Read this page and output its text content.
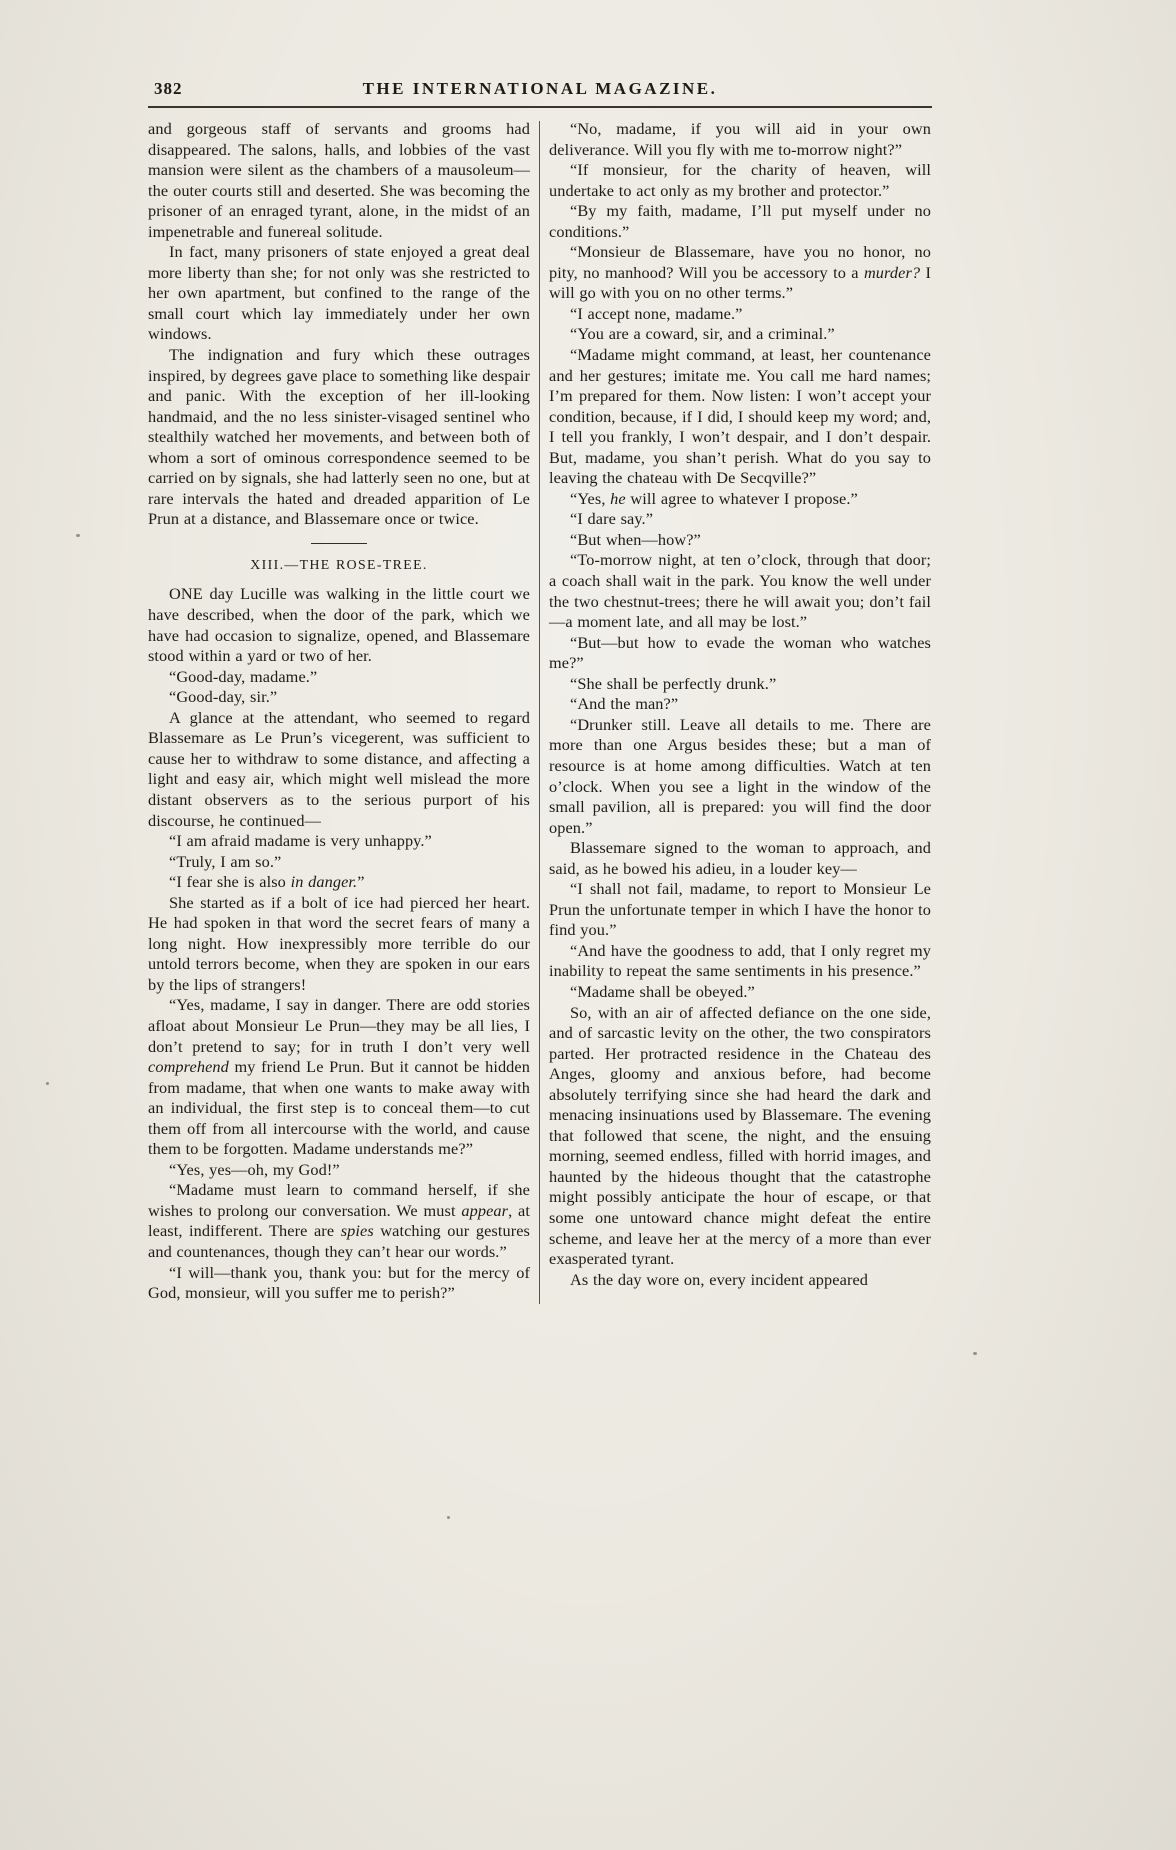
382	THE INTERNATIONAL MAGAZINE.

and gorgeous staff of servants and grooms had disappeared. The salons, halls, and lobbies of the vast mansion were silent as the chambers of a mausoleum—the outer courts still and deserted. She was becoming the prisoner of an enraged tyrant, alone, in the midst of an impenetrable and funereal solitude.

In fact, many prisoners of state enjoyed a great deal more liberty than she; for not only was she restricted to her own apartment, but confined to the range of the small court which lay immediately under her own windows.

The indignation and fury which these outrages inspired, by degrees gave place to something like despair and panic. With the exception of her ill-looking handmaid, and the no less sinister-visaged sentinel who stealthily watched her movements, and between both of whom a sort of ominous correspondence seemed to be carried on by signals, she had latterly seen no one, but at rare intervals the hated and dreaded apparition of Le Prun at a distance, and Blassemare once or twice.

XIII.—THE ROSE-TREE.

ONE day Lucille was walking in the little court we have described, when the door of the park, which we have had occasion to signalize, opened, and Blassemare stood within a yard or two of her.

“Good-day, madame.”

“Good-day, sir.”

A glance at the attendant, who seemed to regard Blassemare as Le Prun’s vicegerent, was sufficient to cause her to withdraw to some distance, and affecting a light and easy air, which might well mislead the more distant observers as to the serious purport of his discourse, he continued—

“I am afraid madame is very unhappy.”

“Truly, I am so.”

“I fear she is also in danger.”

She started as if a bolt of ice had pierced her heart. He had spoken in that word the secret fears of many a long night. How inexpressibly more terrible do our untold terrors become, when they are spoken in our ears by the lips of strangers!

“Yes, madame, I say in danger. There are odd stories afloat about Monsieur Le Prun—they may be all lies, I don’t pretend to say; for in truth I don’t very well comprehend my friend Le Prun. But it cannot be hidden from madame, that when one wants to make away with an individual, the first step is to conceal them—to cut them off from all intercourse with the world, and cause them to be forgotten. Madame understands me?”

“Yes, yes—oh, my God!”

“Madame must learn to command herself, if she wishes to prolong our conversation. We must appear, at least, indifferent. There are spies watching our gestures and countenances, though they can’t hear our words.”

“I will—thank you, thank you: but for the mercy of God, monsieur, will you suffer me to perish?”

“No, madame, if you will aid in your own deliverance. Will you fly with me to-morrow night?”

“If monsieur, for the charity of heaven, will undertake to act only as my brother and protector.”

“By my faith, madame, I’ll put myself under no conditions.”

“Monsieur de Blassemare, have you no honor, no pity, no manhood? Will you be accessory to a murder? I will go with you on no other terms.”

“I accept none, madame.”

“You are a coward, sir, and a criminal.”

“Madame might command, at least, her countenance and her gestures; imitate me. You call me hard names; I’m prepared for them. Now listen: I won’t accept your condition, because, if I did, I should keep my word; and, I tell you frankly, I won’t despair, and I don’t despair. But, madame, you shan’t perish. What do you say to leaving the chateau with De Secqville?”

“Yes, he will agree to whatever I propose.”

“I dare say.”

“But when—how?”

“To-morrow night, at ten o’clock, through that door; a coach shall wait in the park. You know the well under the two chestnut-trees; there he will await you; don’t fail—a moment late, and all may be lost.”

“But—but how to evade the woman who watches me?”

“She shall be perfectly drunk.”

“And the man?”

“Drunker still. Leave all details to me. There are more than one Argus besides these; but a man of resource is at home among difficulties. Watch at ten o’clock. When you see a light in the window of the small pavilion, all is prepared: you will find the door open.”

Blassemare signed to the woman to approach, and said, as he bowed his adieu, in a louder key—

“I shall not fail, madame, to report to Monsieur Le Prun the unfortunate temper in which I have the honor to find you.”

“And have the goodness to add, that I only regret my inability to repeat the same sentiments in his presence.”

“Madame shall be obeyed.”

So, with an air of affected defiance on the one side, and of sarcastic levity on the other, the two conspirators parted. Her protracted residence in the Chateau des Anges, gloomy and anxious before, had become absolutely terrifying since she had heard the dark and menacing insinuations used by Blassemare. The evening that followed that scene, the night, and the ensuing morning, seemed endless, filled with horrid images, and haunted by the hideous thought that the catastrophe might possibly anticipate the hour of escape, or that some one untoward chance might defeat the entire scheme, and leave her at the mercy of a more than ever exasperated tyrant.

As the day wore on, every incident appeared
